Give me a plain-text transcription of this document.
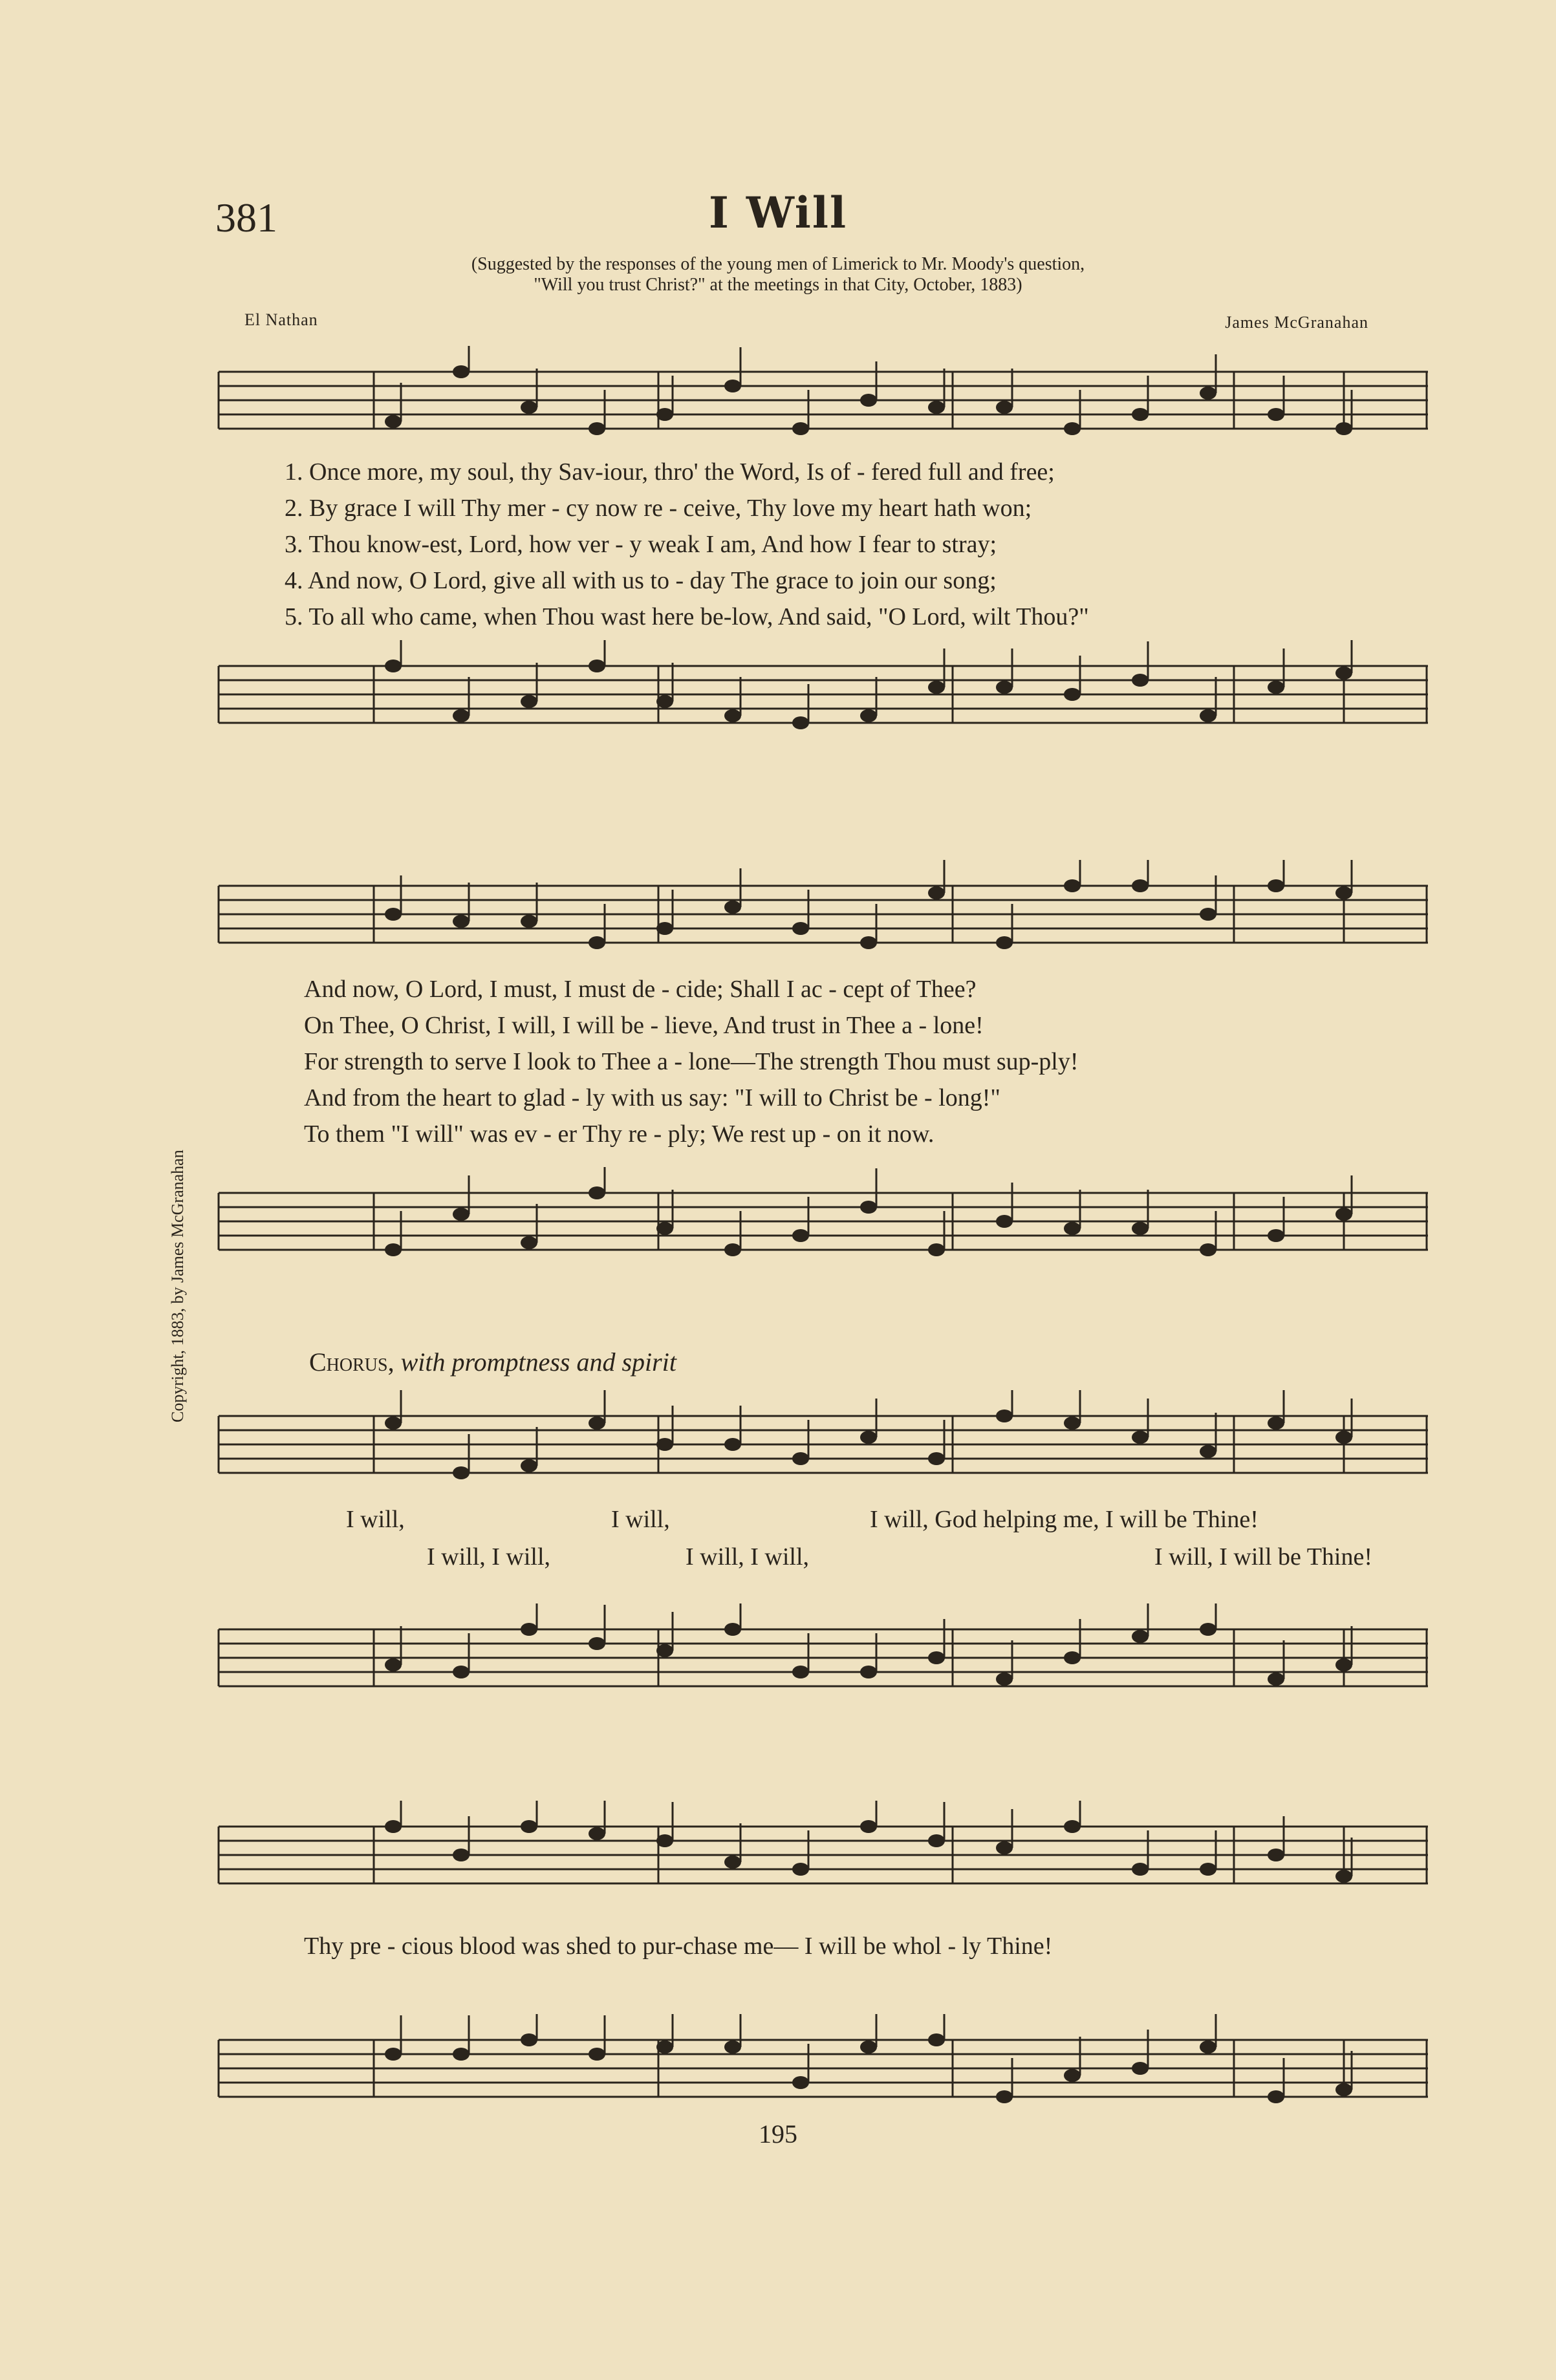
381	I Will
(Suggested by the responses of the young men of Limerick to Mr. Moody's question,
"Will you trust Christ?" at the meetings in that City, October, 1883)
El Nathan	James McGranahan
Copyright, 1883, by James McGranahan
1. Once more, my soul, thy Sav-iour, thro' the Word, Is of - fered full and free;
2. By grace I will Thy mer - cy now re - ceive, Thy love my heart hath won;
3. Thou know-est, Lord, how ver - y weak I am, And how I fear to stray;
4. And now, O Lord, give all with us to - day The grace to join our song;
5. To all who came, when Thou wast here be-low, And said, "O Lord, wilt Thou?"
And now, O Lord, I must, I must de - cide; Shall I ac - cept of Thee?
On Thee, O Christ, I will, I will be - lieve, And trust in Thee a - lone!
For strength to serve I look to Thee a - lone—The strength Thou must sup-ply!
And from the heart to glad - ly with us say: "I will to Christ be - long!"
To them "I will" was ev - er Thy re - ply; We rest up - on it now.
Chorus, with promptness and spirit
I will,	I will,	I will, God helping me, I will be Thine!
I will, I will,	I will, I will,	I will, I will be Thine!
Thy pre - cious blood was shed to pur-chase me— I will be whol - ly Thine!
195
